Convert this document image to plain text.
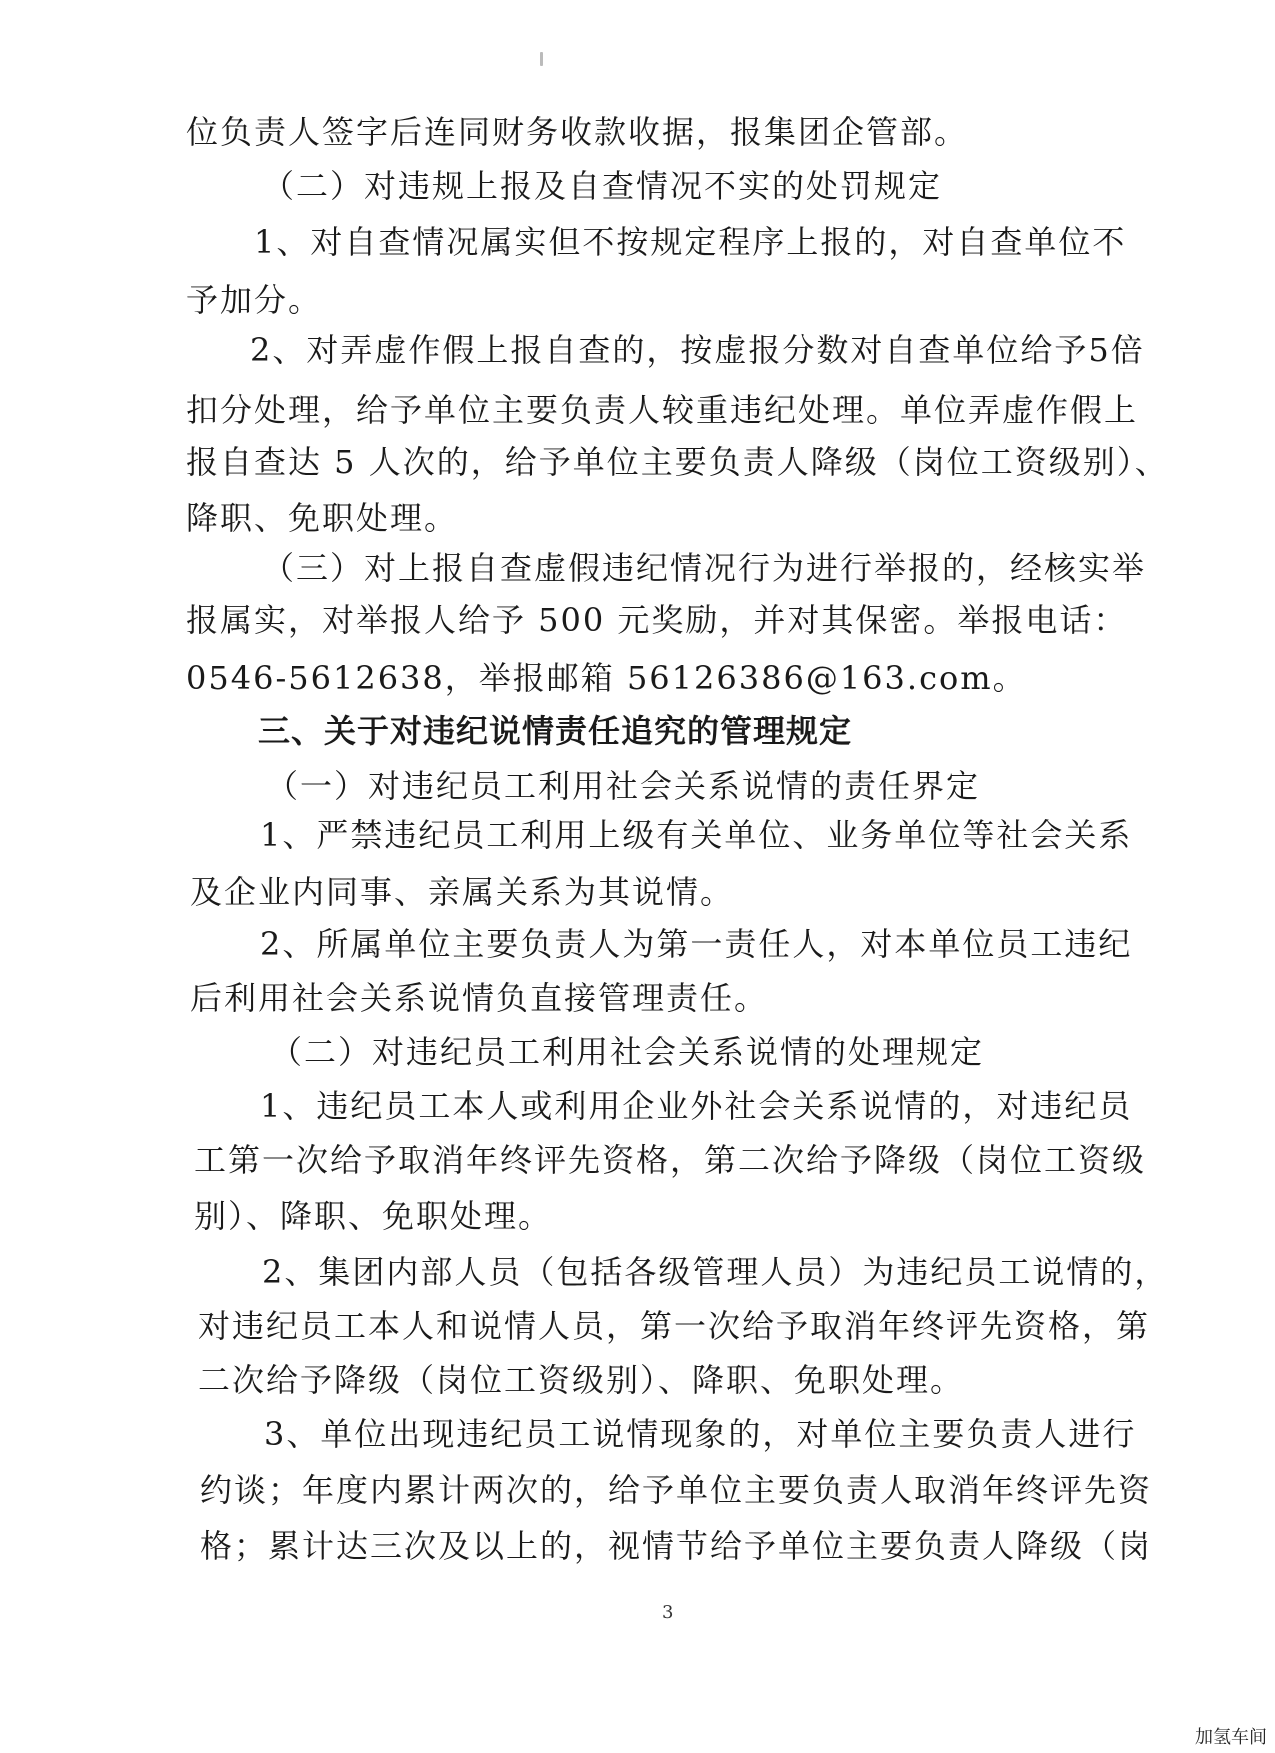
位负责人签字后连同财务收款收据，报集团企管部。
（二）对违规上报及自查情况不实的处罚规定
1、对自查情况属实但不按规定程序上报的，对自查单位不
予加分。
2、对弄虚作假上报自查的，按虚报分数对自查单位给予5倍
扣分处理，给予单位主要负责人较重违纪处理。单位弄虚作假上
报自查达 5 人次的，给予单位主要负责人降级（岗位工资级别）、
降职、免职处理。
（三）对上报自查虚假违纪情况行为进行举报的，经核实举
报属实，对举报人给予 500 元奖励，并对其保密。举报电话：
0546-5612638，举报邮箱 56126386@163.com。
三、关于对违纪说情责任追究的管理规定
（一）对违纪员工利用社会关系说情的责任界定
1、严禁违纪员工利用上级有关单位、业务单位等社会关系
及企业内同事、亲属关系为其说情。
2、所属单位主要负责人为第一责任人，对本单位员工违纪
后利用社会关系说情负直接管理责任。
（二）对违纪员工利用社会关系说情的处理规定
1、违纪员工本人或利用企业外社会关系说情的，对违纪员
工第一次给予取消年终评先资格，第二次给予降级（岗位工资级
别）、降职、免职处理。
2、集团内部人员（包括各级管理人员）为违纪员工说情的，
对违纪员工本人和说情人员，第一次给予取消年终评先资格，第
二次给予降级（岗位工资级别）、降职、免职处理。
3、单位出现违纪员工说情现象的，对单位主要负责人进行
约谈；年度内累计两次的，给予单位主要负责人取消年终评先资
格；累计达三次及以上的，视情节给予单位主要负责人降级（岗
3
加氢车间
